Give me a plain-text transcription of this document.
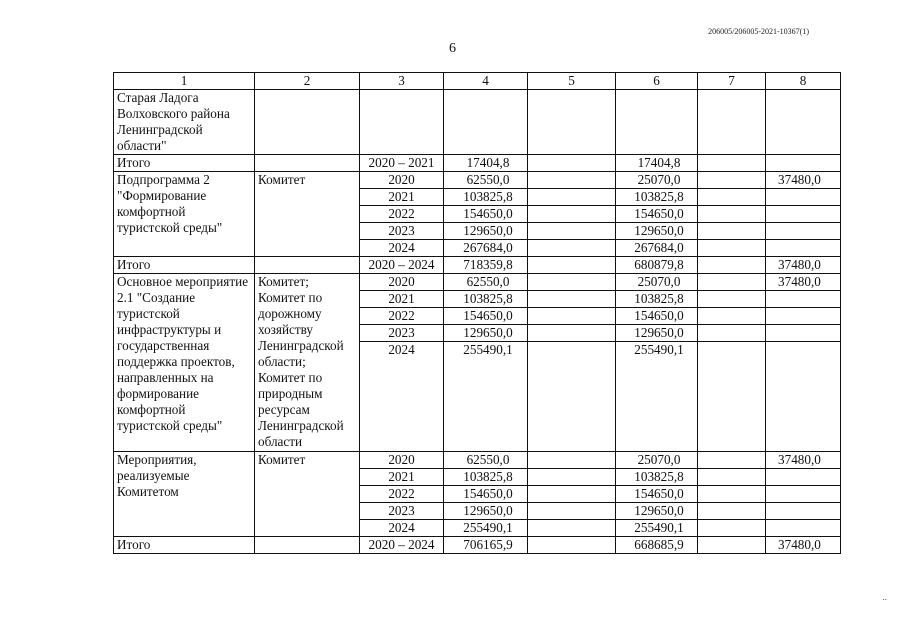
206005/206005-2021-10367(1)
6
1	2	3	4	5	6	7	8
Старая Ладога Волховского района Ленинградской области"							
Итого		2020 – 2021	17404,8		17404,8		
Подпрограмма 2 "Формирование комфортной туристской среды"	Комитет	2020	62550,0		25070,0		37480,0
		2021	103825,8		103825,8		
		2022	154650,0		154650,0		
		2023	129650,0		129650,0		
		2024	267684,0		267684,0		
Итого		2020 – 2024	718359,8		680879,8		37480,0
Основное мероприятие 2.1 "Создание туристской инфраструктуры и государственная поддержка проектов, направленных на формирование комфортной туристской среды"	Комитет; Комитет по дорожному хозяйству Ленинградской области; Комитет по природным ресурсам Ленинградской области	2020	62550,0		25070,0		37480,0
		2021	103825,8		103825,8		
		2022	154650,0		154650,0		
		2023	129650,0		129650,0		
		2024	255490,1		255490,1		
Мероприятия, реализуемые Комитетом	Комитет	2020	62550,0		25070,0		37480,0
		2021	103825,8		103825,8		
		2022	154650,0		154650,0		
		2023	129650,0		129650,0		
		2024	255490,1		255490,1		
Итого		2020 – 2024	706165,9		668685,9		37480,0
..
